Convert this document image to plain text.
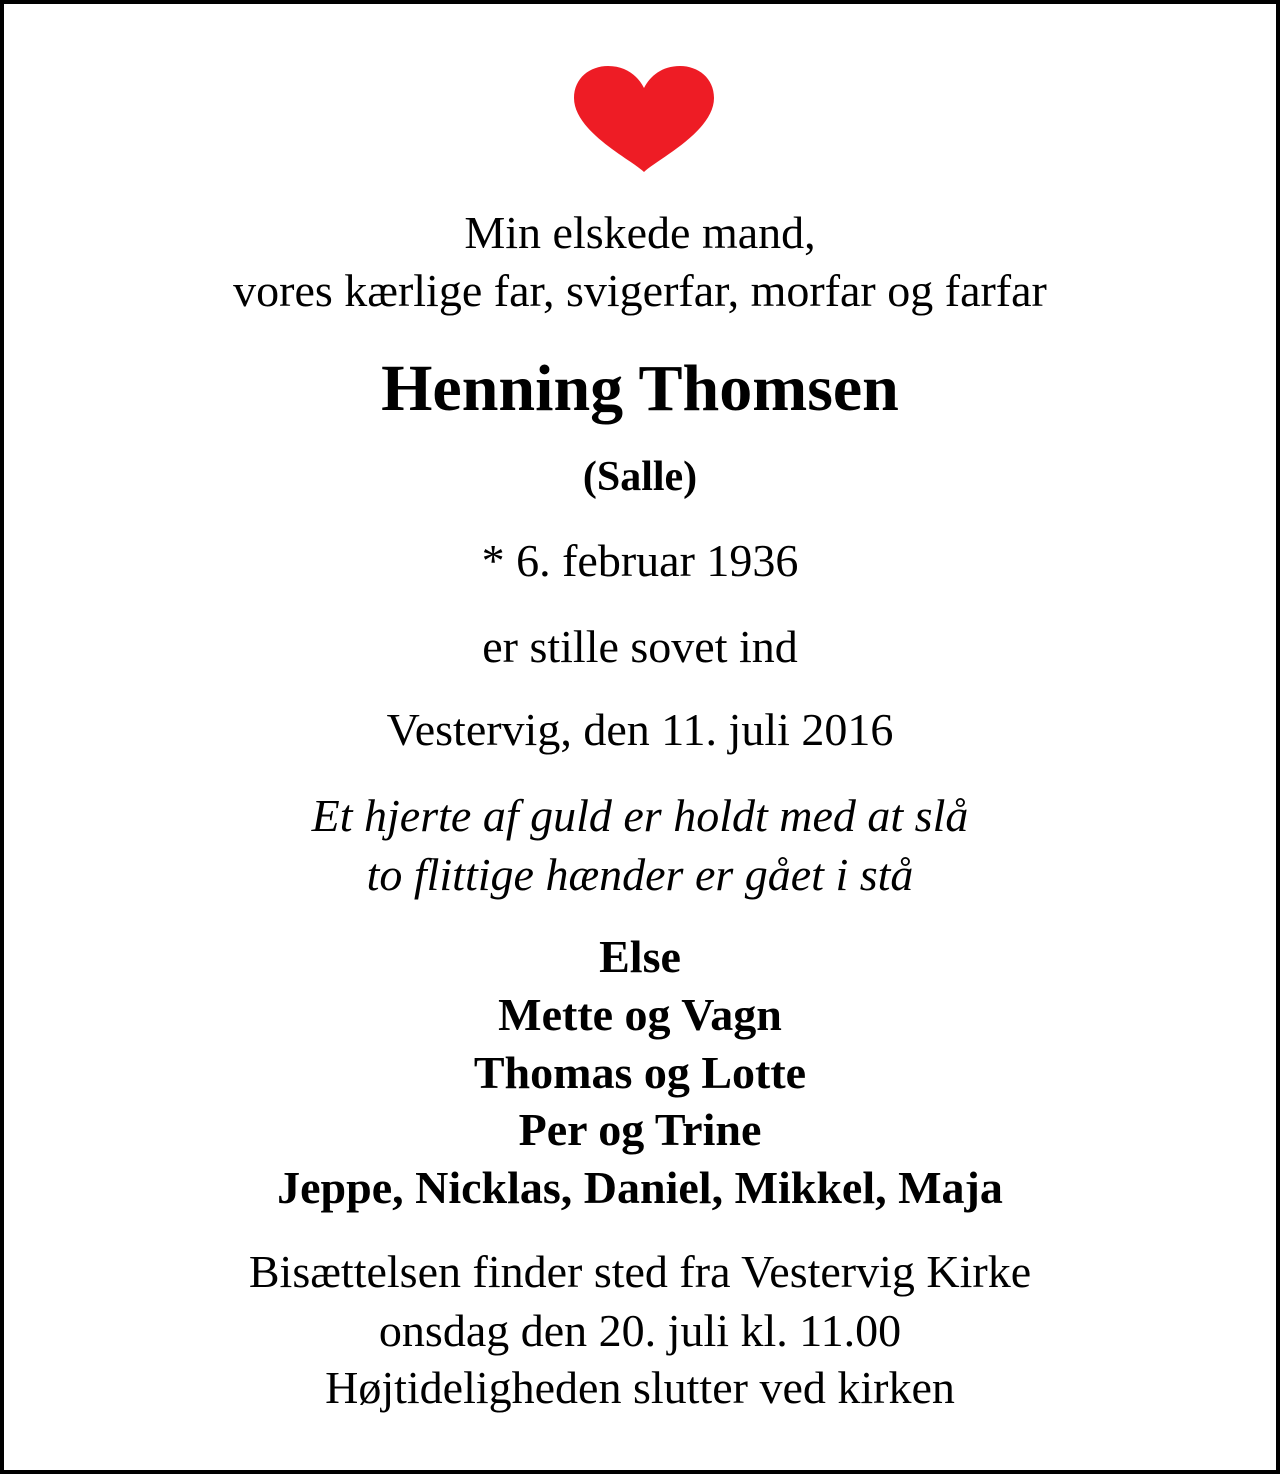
Min elskede mand,
vores kærlige far, svigerfar, morfar og farfar
Henning Thomsen
(Salle)
* 6. februar 1936
er stille sovet ind
Vestervig, den 11. juli 2016
Et hjerte af guld er holdt med at slå
to flittige hænder er gået i stå
Else
Mette og Vagn
Thomas og Lotte
Per og Trine
Jeppe, Nicklas, Daniel, Mikkel, Maja
Bisættelsen finder sted fra Vestervig Kirke
onsdag den 20. juli kl. 11.00
Højtideligheden slutter ved kirken
